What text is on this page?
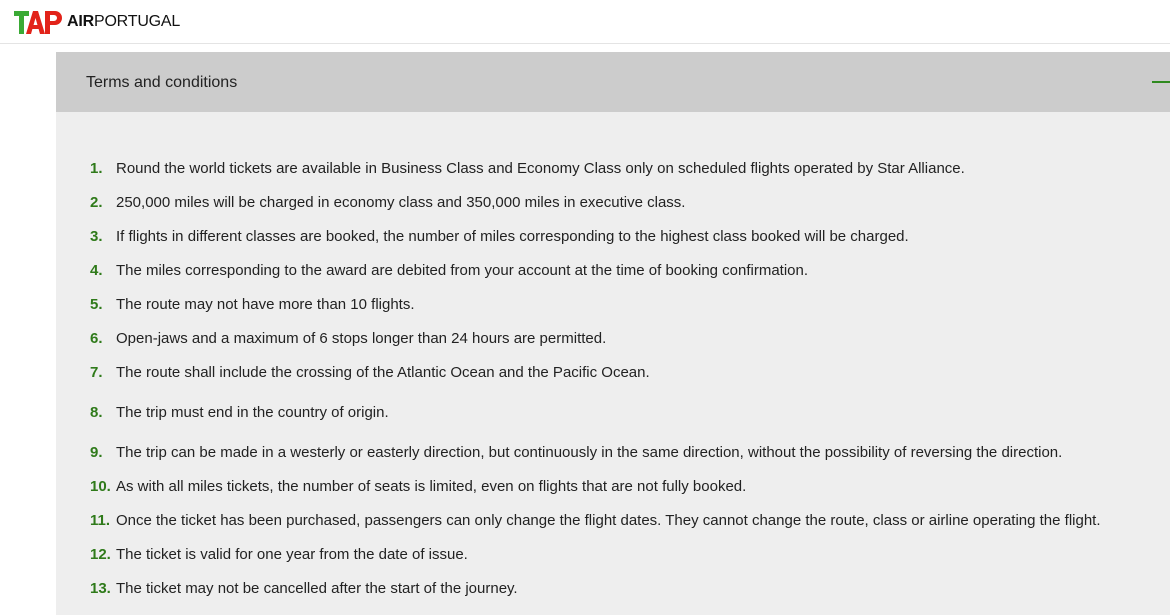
AIRPORTUGAL
Terms and conditions
1. Round the world tickets are available in Business Class and Economy Class only on scheduled flights operated by Star Alliance.
2. 250,000 miles will be charged in economy class and 350,000 miles in executive class.
3. If flights in different classes are booked, the number of miles corresponding to the highest class booked will be charged.
4. The miles corresponding to the award are debited from your account at the time of booking confirmation.
5. The route may not have more than 10 flights.
6. Open-jaws and a maximum of 6 stops longer than 24 hours are permitted.
7. The route shall include the crossing of the Atlantic Ocean and the Pacific Ocean.
8. The trip must end in the country of origin.
9. The trip can be made in a westerly or easterly direction, but continuously in the same direction, without the possibility of reversing the direction.
10. As with all miles tickets, the number of seats is limited, even on flights that are not fully booked.
11. Once the ticket has been purchased, passengers can only change the flight dates. They cannot change the route, class or airline operating the flight.
12. The ticket is valid for one year from the date of issue.
13. The ticket may not be cancelled after the start of the journey.
